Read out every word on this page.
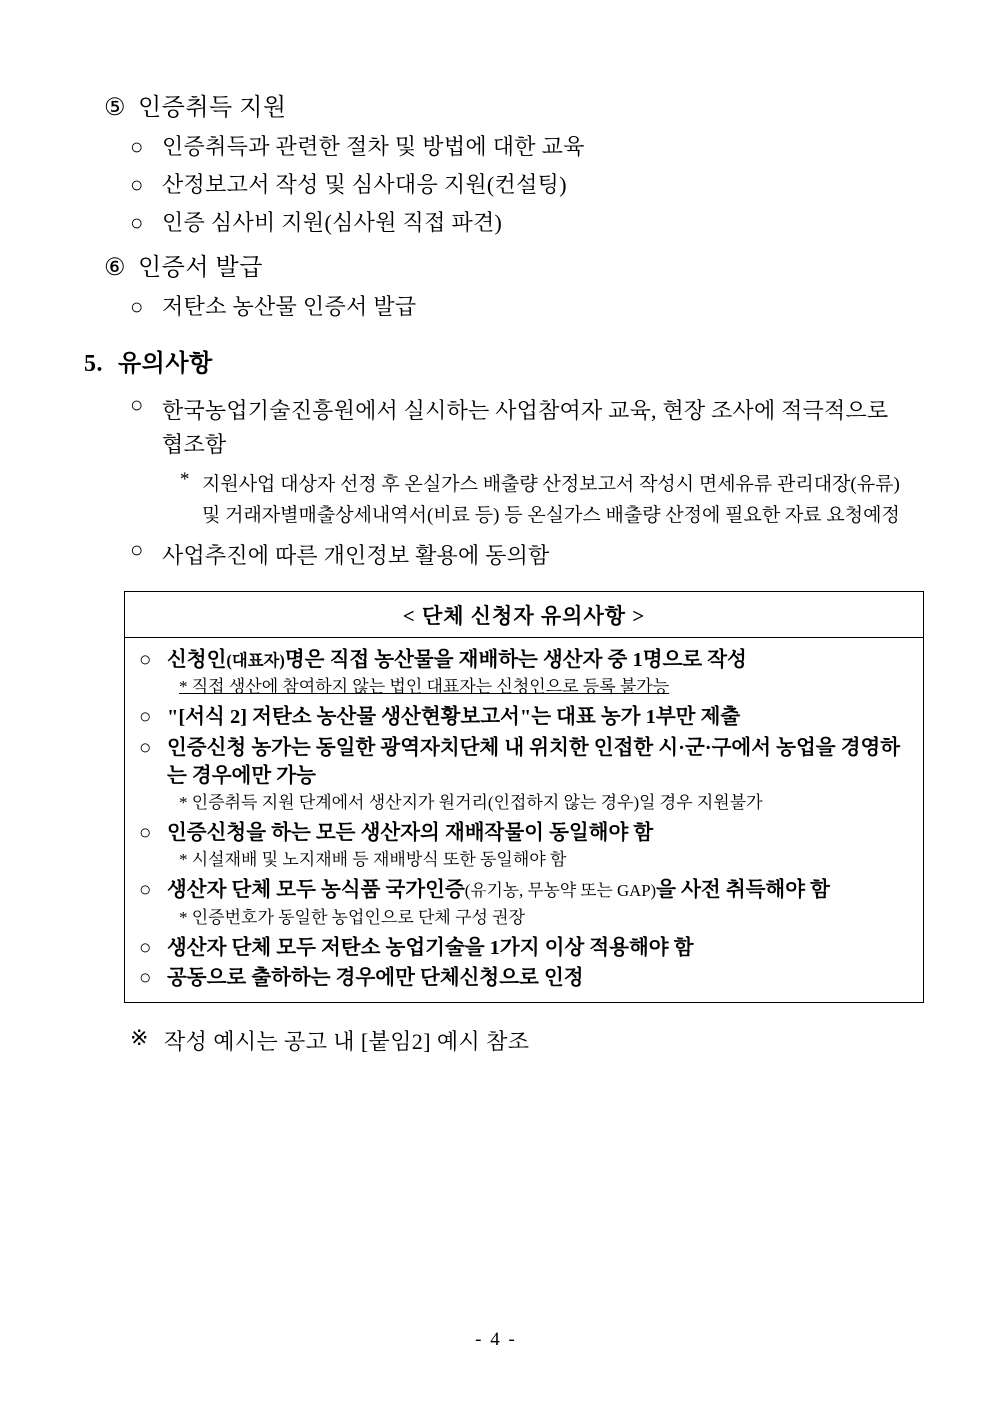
⑤ 인증취득 지원
○ 인증취득과 관련한 절차 및 방법에 대한 교육
○ 산정보고서 작성 및 심사대응 지원(컨설팅)
○ 인증 심사비 지원(심사원 직접 파견)
⑥ 인증서 발급
○ 저탄소 농산물 인증서 발급
5. 유의사항
○ 한국농업기술진흥원에서 실시하는 사업참여자 교육, 현장 조사에 적극적으로 협조함
* 지원사업 대상자 선정 후 온실가스 배출량 산정보고서 작성시 면세유류 관리대장(유류) 및 거래자별매출상세내역서(비료 등) 등 온실가스 배출량 산정에 필요한 자료 요청예정
○ 사업추진에 따른 개인정보 활용에 동의함
< 단체 신청자 유의사항 >
○ 신청인(대표자)명은 직접 농산물을 재배하는 생산자 중 1명으로 작성
* 직접 생산에 참여하지 않는 법인 대표자는 신청인으로 등록 불가능
○ "[서식 2] 저탄소 농산물 생산현황보고서"는 대표 농가 1부만 제출
○ 인증신청 농가는 동일한 광역자치단체 내 위치한 인접한 시·군·구에서 농업을 경영하는 경우에만 가능
* 인증취득 지원 단계에서 생산지가 원거리(인접하지 않는 경우)일 경우 지원불가
○ 인증신청을 하는 모든 생산자의 재배작물이 동일해야 함
* 시설재배 및 노지재배 등 재배방식 또한 동일해야 함
○ 생산자 단체 모두 농식품 국가인증(유기농, 무농약 또는 GAP)을 사전 취득해야 함
* 인증번호가 동일한 농업인으로 단체 구성 권장
○ 생산자 단체 모두 저탄소 농업기술을 1가지 이상 적용해야 함
○ 공동으로 출하하는 경우에만 단체신청으로 인정
※ 작성 예시는 공고 내 [붙임2] 예시 참조
- 4 -
